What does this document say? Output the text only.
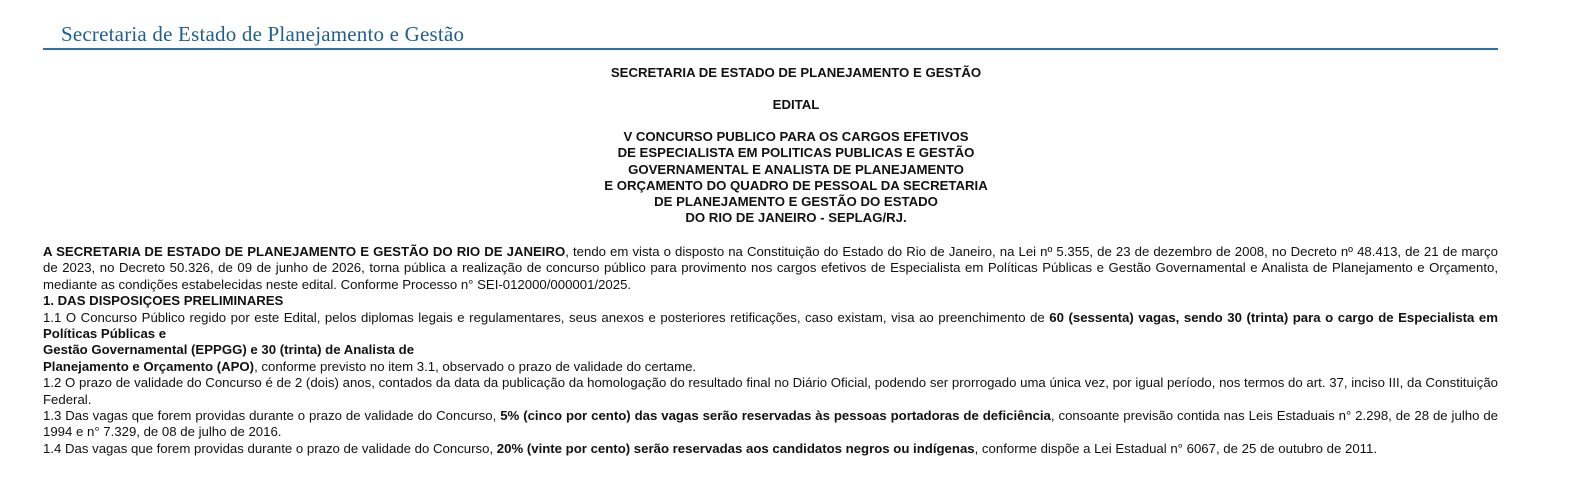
Secretaria de Estado de Planejamento e Gestão
SECRETARIA DE ESTADO DE PLANEJAMENTO E GESTÃO
EDITAL
V CONCURSO PUBLICO PARA OS CARGOS EFETIVOS
DE ESPECIALISTA EM POLITICAS PUBLICAS E GESTÃO
GOVERNAMENTAL E ANALISTA DE PLANEJAMENTO
E ORÇAMENTO DO QUADRO DE PESSOAL DA SECRETARIA
DE PLANEJAMENTO E GESTÃO DO ESTADO
DO RIO DE JANEIRO - SEPLAG/RJ.

A SECRETARIA DE ESTADO DE PLANEJAMENTO E GESTÃO DO RIO DE JANEIRO, tendo em vista o disposto na Constituição do Estado do Rio de Janeiro, na Lei nº 5.355, de 23 de dezembro de 2008, no Decreto nº 48.413, de 21 de março de 2023, no Decreto 50.326, de 09 de junho de 2026, torna pública a realização de concurso público para provimento nos cargos efetivos de Especialista em Políticas Públicas e Gestão Governamental e Analista de Planejamento e Orçamento, mediante as condições estabelecidas neste edital. Conforme Processo n° SEI-012000/000001/2025.

1. DAS DISPOSIÇOES PRELIMINARES

1.1 O Concurso Público regido por este Edital, pelos diplomas legais e regulamentares, seus anexos e posteriores retificações, caso existam, visa ao preenchimento de 60 (sessenta) vagas, sendo 30 (trinta) para o cargo de Especialista em Políticas Públicas e

Gestão Governamental (EPPGG) e 30 (trinta) de Analista de

Planejamento e Orçamento (APO), conforme previsto no item 3.1, observado o prazo de validade do certame.

1.2 O prazo de validade do Concurso é de 2 (dois) anos, contados da data da publicação da homologação do resultado final no Diário Oficial, podendo ser prorrogado uma única vez, por igual período, nos termos do art. 37, inciso III, da Constituição Federal.

1.3 Das vagas que forem providas durante o prazo de validade do Concurso, 5% (cinco por cento) das vagas serão reservadas às pessoas portadoras de deficiência, consoante previsão contida nas Leis Estaduais n° 2.298, de 28 de julho de 1994 e n° 7.329, de 08 de julho de 2016.

1.4 Das vagas que forem providas durante o prazo de validade do Concurso, 20% (vinte por cento) serão reservadas aos candidatos negros ou indígenas, conforme dispõe a Lei Estadual n° 6067, de 25 de outubro de 2011.
